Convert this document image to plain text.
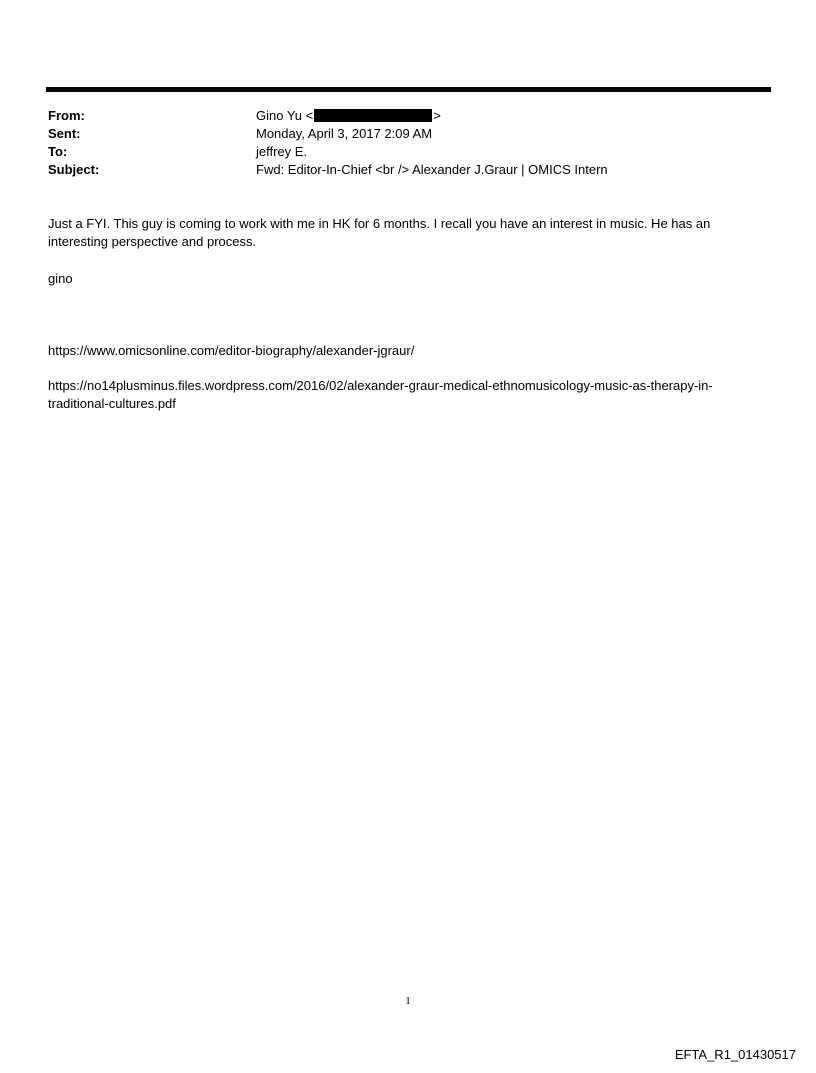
From:	Gino Yu <	>
Sent:	Monday, April 3, 2017 2:09 AM
To:	jeffrey E.
Subject:	Fwd: Editor-In-Chief <br /> Alexander J.Graur | OMICS Intern
Just a FYI. This guy is coming to work with me in HK for 6 months. I recall you have an interest in music. He has an interesting perspective and process.
gino
https://www.omicsonline.com/editor-biography/alexander-jgraur/
https://no14plusminus.files.wordpress.com/2016/02/alexander-graur-medical-ethnomusicology-music-as-therapy-in-traditional-cultures.pdf
1
EFTA_R1_01430517
